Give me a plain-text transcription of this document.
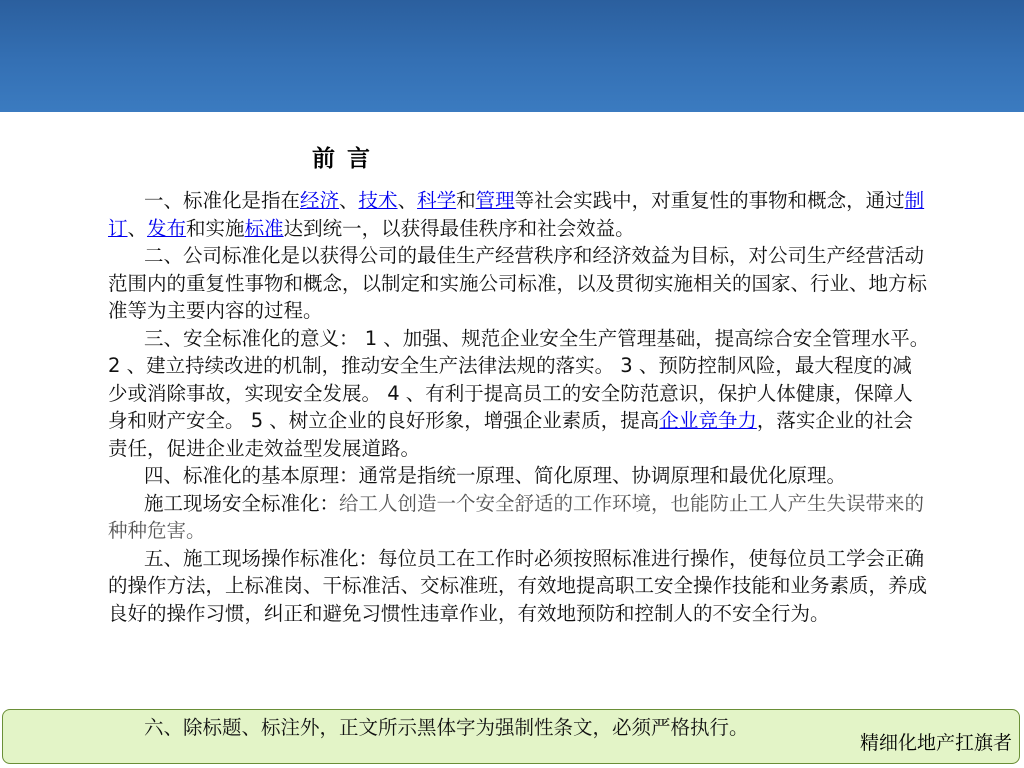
前 言

一、标准化是指在经济、技术、科学和管理等社会实践中，对重复性的事物和概念，通过制订、发布和实施标准达到统一，以获得最佳秩序和社会效益。

二、公司标准化是以获得公司的最佳生产经营秩序和经济效益为目标，对公司生产经营活动范围内的重复性事物和概念，以制定和实施公司标准，以及贯彻实施相关的国家、行业、地方标准等为主要内容的过程。

三、安全标准化的意义： 1 、加强、规范企业安全生产管理基础，提高综合安全管理水平。 2 、建立持续改进的机制，推动安全生产法律法规的落实。 3 、预防控制风险，最大程度的减少或消除事故，实现安全发展。 4 、有利于提高员工的安全防范意识，保护人体健康，保障人身和财产安全。 5 、树立企业的良好形象，增强企业素质，提高企业竞争力，落实企业的社会责任，促进企业走效益型发展道路。

四、标准化的基本原理：通常是指统一原理、简化原理、协调原理和最优化原理。

施工现场安全标准化：给工人创造一个安全舒适的工作环境，也能防止工人产生失误带来的种种危害。

五、施工现场操作标准化：每位员工在工作时必须按照标准进行操作，使每位员工学会正确的操作方法，上标准岗、干标准活、交标准班，有效地提高职工安全操作技能和业务素质，养成良好的操作习惯，纠正和避免习惯性违章作业，有效地预防和控制人的不安全行为。

六、除标题、标注外，正文所示黑体字为强制性条文，必须严格执行。
精细化地产扛旗者
